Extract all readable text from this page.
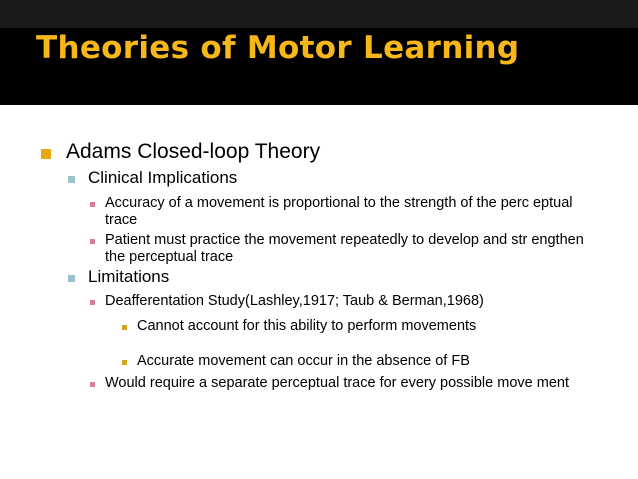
Theories of Motor Learning
Adams Closed-loop Theory
Clinical Implications
Accuracy of a movement is proportional to the strength of the perc eptual trace
Patient must practice the movement repeatedly to develop and str engthen the perceptual trace
Limitations
Deafferentation Study(Lashley,1917; Taub & Berman,1968)
Cannot account for this ability to perform movements
Accurate movement can occur in the absence of FB
Would require a separate perceptual trace for every possible move ment
